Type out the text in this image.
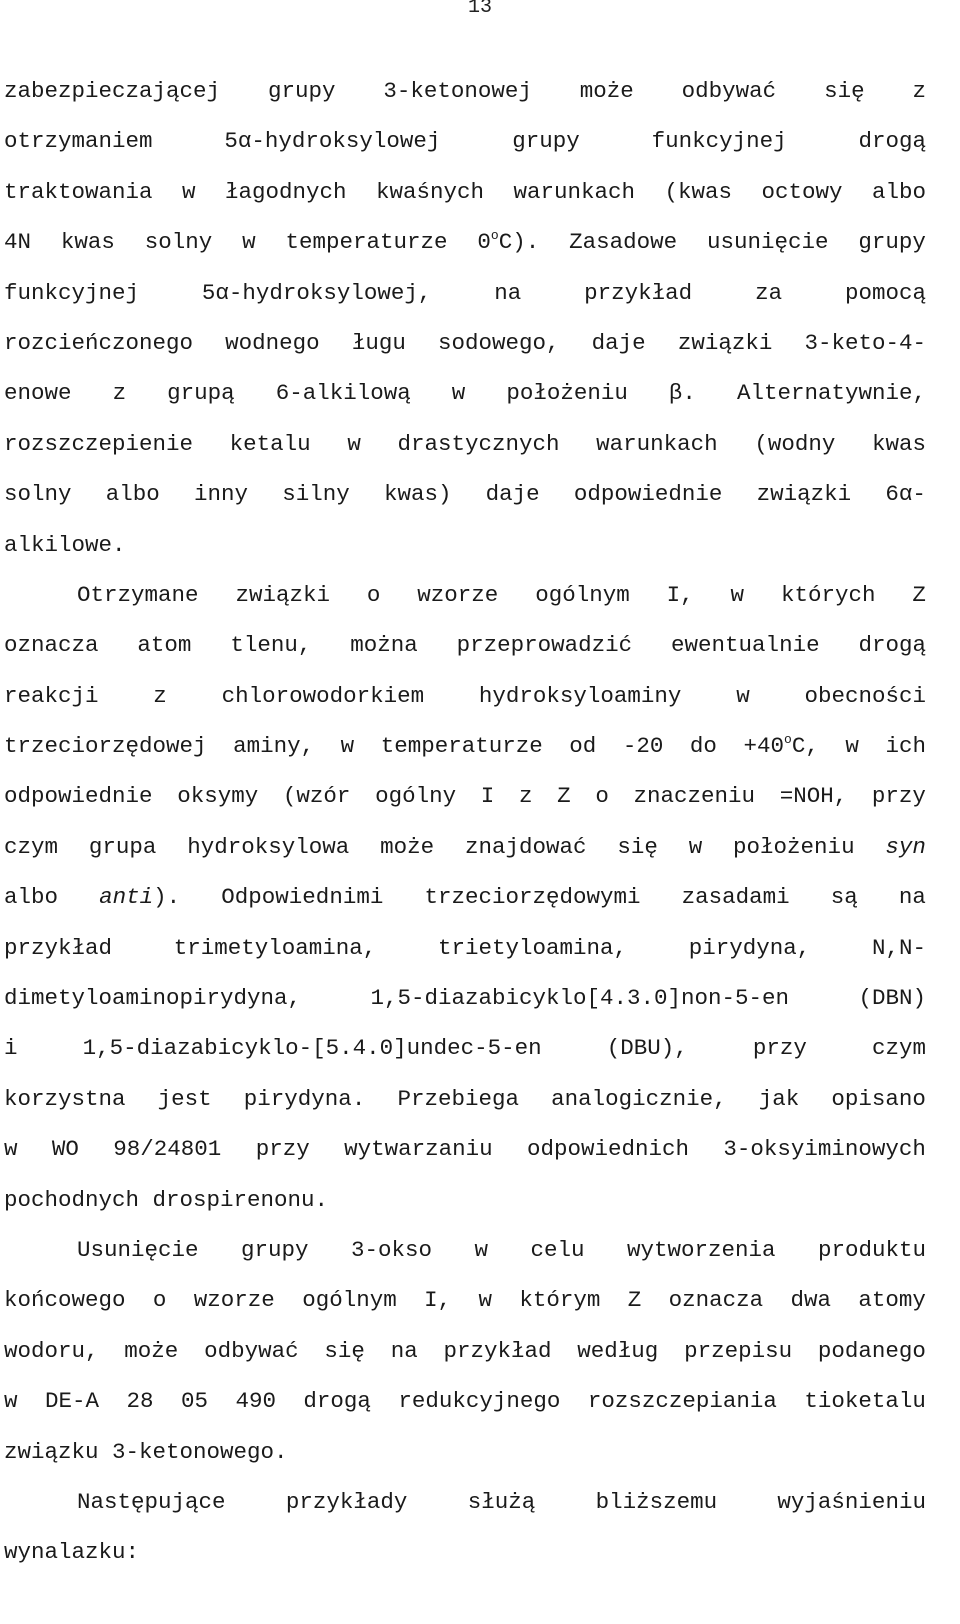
13
zabezpieczającej grupy 3-ketonowej może odbywać się z
otrzymaniem	5α-hydroksylowej	grupy	funkcyjnej	drogą
traktowania w łagodnych kwaśnych warunkach (kwas octowy albo
4N kwas solny w temperaturze 0$^o$C). Zasadowe usunięcie grupy
funkcyjnej	5α-hydroksylowej,	na	przykład	za	pomocą
rozcieńczonego wodnego ługu sodowego, daje związki 3-keto-4-
enowe z grupą 6-alkilową w położeniu β. Alternatywnie,
rozszczepienie ketalu w drastycznych warunkach (wodny kwas
solny albo inny silny kwas) daje odpowiednie związki 6α-
alkilowe.
Otrzymane związki o wzorze ogólnym I, w których Z
oznacza atom tlenu, można przeprowadzić ewentualnie drogą
reakcji z chlorowodorkiem hydroksyloaminy w obecności
trzeciorzędowej aminy, w temperaturze od -20 do $+40^oC$, w ich
odpowiednie oksymy (wzór ogólny I z Z o znaczeniu =NOH, przy
czym grupa hydroksylowa może znajdować się w położeniu syn
albo anti). Odpowiednimi trzeciorzędowymi zasadami są na
przykład	trimetyloamina,	trietyloamina,	pirydyna,	N,N-
dimetyloaminopirydyna,	1,5-diazabicyklo[4.3.0]non-5-en	(DBN)
i	1,5-diazabicyklo-[5.4.0]undec-5-en	(DBU),	przy	czym
korzystna jest pirydyna. Przebiega analogicznie, jak opisano
w WO 98/24801 przy wytwarzaniu odpowiednich 3-oksyiminowych
pochodnych drospirenonu.
Usunięcie grupy 3-okso w celu wytworzenia produktu
końcowego o wzorze ogólnym I, w którym Z oznacza dwa atomy
wodoru, może odbywać się na przykład według przepisu podanego
w DE-A 28 05 490 drogą redukcyjnego rozszczepiania tioketalu
związku 3-ketonowego.
Następujące	przykłady	służą	bliższemu	wyjaśnieniu
wynalazku:
